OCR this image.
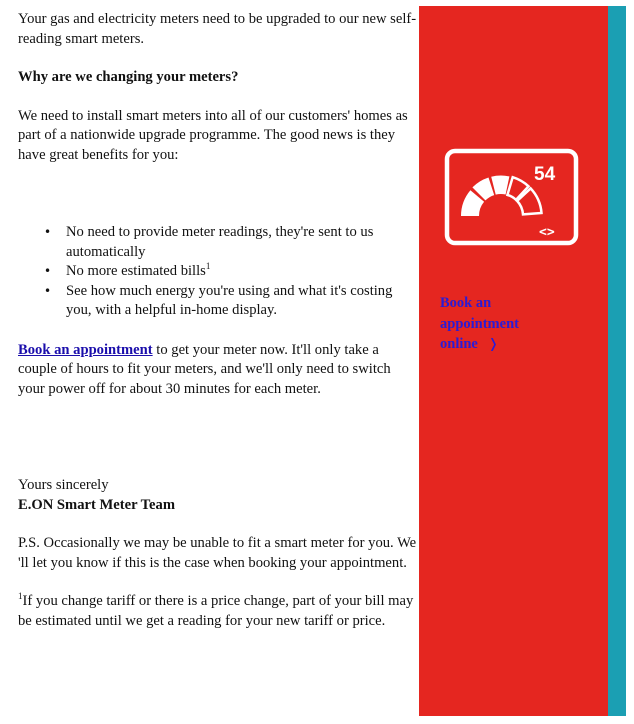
Your gas and electricity meters need to be upgraded to our new self-reading smart meters.

Why are we changing your meters?

We need to install smart meters into all of our customers' homes as part of a nationwide upgrade programme. The good news is they have great benefits for you:

• No need to provide meter readings, they're sent to us automatically
• No more estimated bills$^1$
• See how much energy you're using and what it's costing you, with a helpful in-home display.

Book an appointment to get your meter now. It'll only take a couple of hours to fit your meters, and we'll only need to switch your power off for about 30 minutes for each meter.

Yours sincerely

E.ON Smart Meter Team

P.S. Occasionally we may be unable to fit a smart meter for you. We 'll let you know if this is the case when booking your appointment.

$^1$If you change tariff or there is a price change, part of your bill may be estimated until we get a reading for your new tariff or price.

54
<>
Book an
appointment
online ❭
